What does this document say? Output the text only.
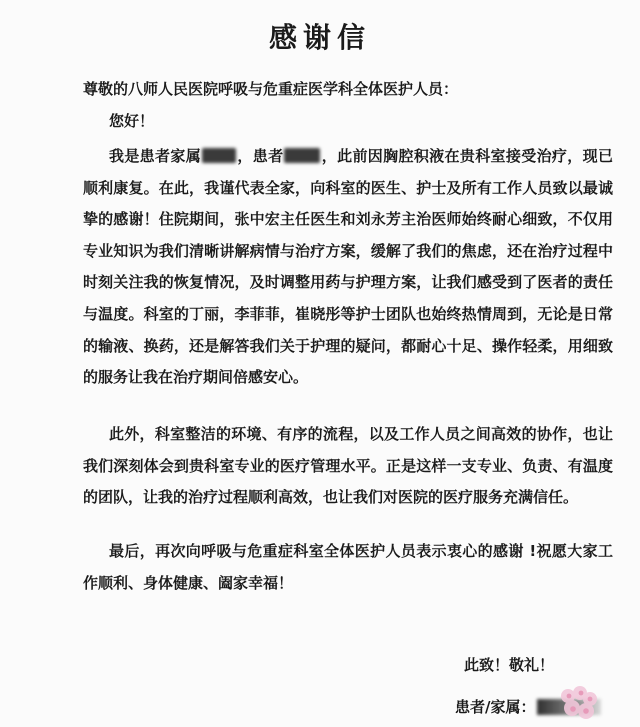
感谢信
尊敬的八师人民医院呼吸与危重症医学科全体医护人员：
您好！

我是患者家属 ，患者	，此前因胸腔积液在贵科室接受治疗，现已顺利康复。在此，我谨代表全家，向科室的医生、护士及所有工作人员致以最诚挚的感谢！住院期间，张中宏主任医生和刘永芳主治医师始终耐心细致，不仅用专业知识为我们清晰讲解病情与治疗方案，缓解了我们的焦虑，还在治疗过程中时刻关注我的恢复情况，及时调整用药与护理方案，让我们感受到了医者的责任与温度。科室的丁丽，李菲菲，崔晓彤等护士团队也始终热情周到，无论是日常的输液、换药，还是解答我们关于护理的疑问，都耐心十足、操作轻柔，用细致的服务让我在治疗期间倍感安心。

此外，科室整洁的环境、有序的流程，以及工作人员之间高效的协作，也让我们深刻体会到贵科室专业的医疗管理水平。正是这样一支专业、负责、有温度的团队，让我的治疗过程顺利高效，也让我们对医院的医疗服务充满信任。

最后，再次向呼吸与危重症科室全体医护人员表示衷心的感谢 !祝愿大家工作顺利、身体健康、阖家幸福！

此致！敬礼！
患者/家属：
